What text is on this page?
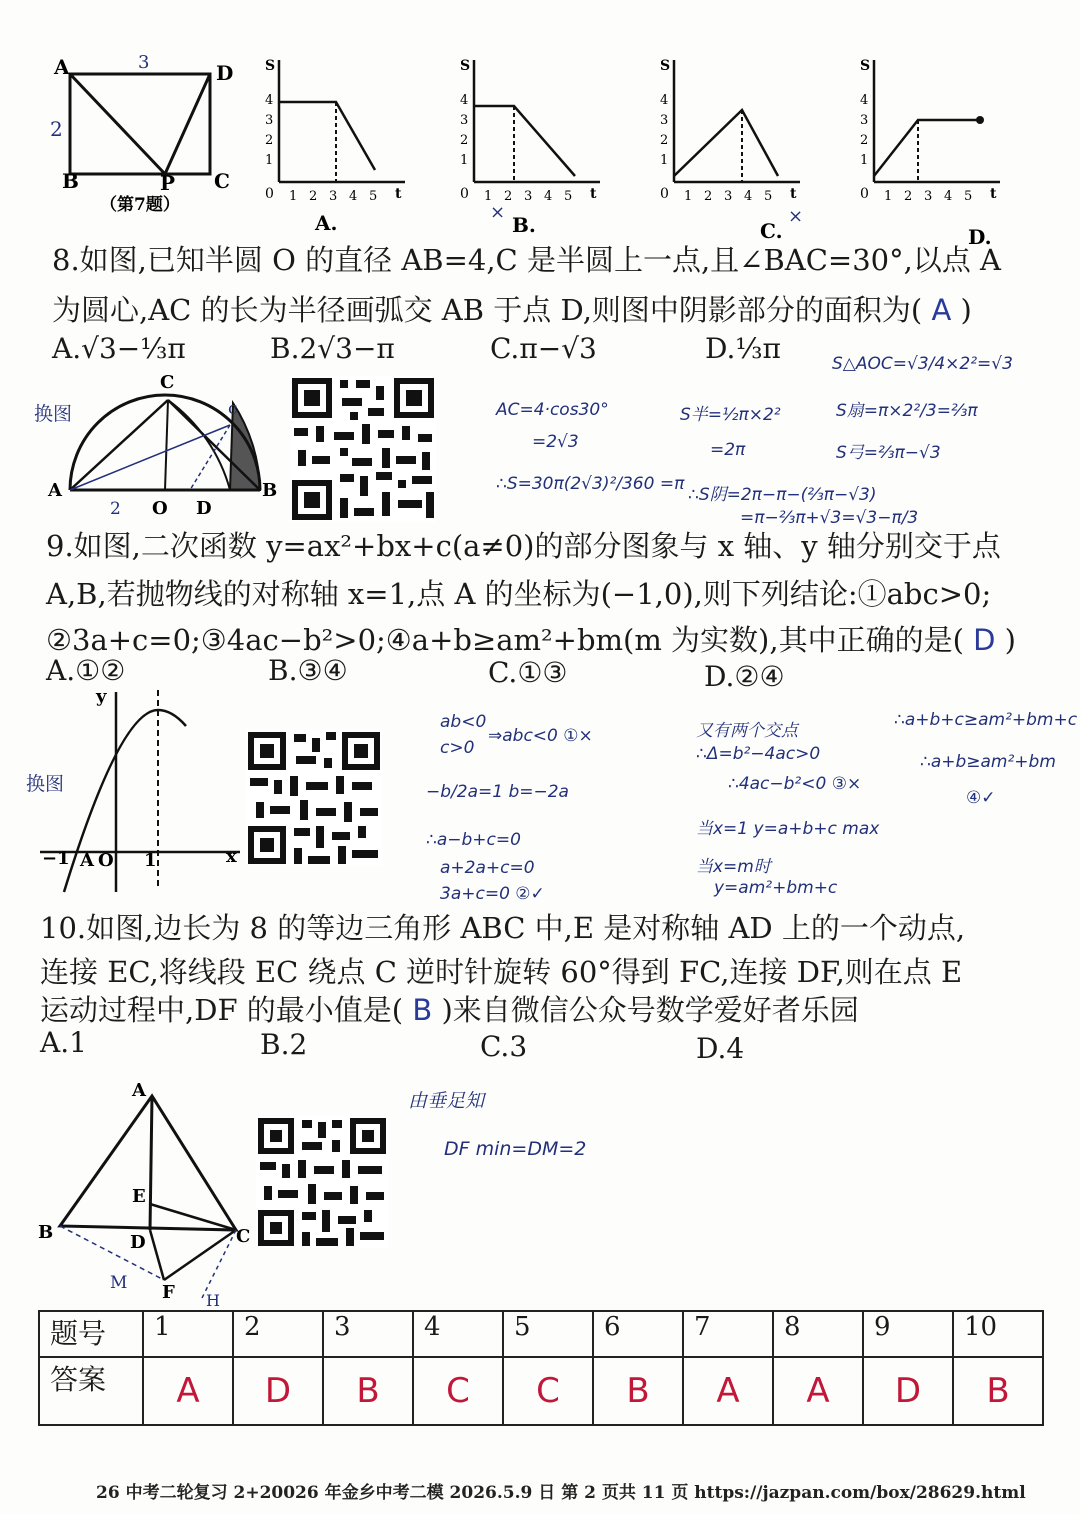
A	D
B	C
P
3
2
（第7题）
S
t
0 1 2 3 4 5
1
2
3
4
A.
S
t
0 1 2 3 4 5
1
2
3
4
×
B.
S
t
0 1 2 3 4 5
1
2
3
4
×
C.
S
t
0 1 2 3 4 5
1
2
3
4
D.
8.如图,已知半圆 O 的直径 AB=4,C 是半圆上一点,且∠BAC=30°,以点 A
为圆心,AC 的长为半径画弧交 AB 于点 D,则图中阴影部分的面积为( A )
A.√3−⅓π	B.2√3−π	C.π−√3	D.⅓π
A	B
C
O D
2
c
换图	AC=4·cos30°
=2√3
∴S=30π(2√3)²/360 =π
S半=½π×2²
=2π
S△AOC=√3/4×2²=√3
S扇=π×2²/3=⅔π
S弓=⅔π−√3
∴S阴=2π−π−(⅔π−√3)
=π−⅔π+√3=√3−π/3
9.如图,二次函数 y=ax²+bx+c(a≠0)的部分图象与 x 轴、y 轴分别交于点
A,B,若抛物线的对称轴 x=1,点 A 的坐标为(−1,0),则下列结论:①abc>0;
②3a+c=0;③4ac−b²>0;④a+b≥am²+bm(m 为实数),其中正确的是( D )
A.①②	B.③④	C.①③	D.②④
y
x
−1 A O 1
换图
ab<0
c>0
⇒abc<0 ①×
−b/2a=1 b=−2a
∴a−b+c=0
a+2a+c=0
3a+c=0 ②✓
又有两个交点
∴Δ=b²−4ac>0
∴4ac−b²<0 ③×
当x=1 y=a+b+c max
当x=m时
y=am²+bm+c
∴a+b+c≥am²+bm+c
∴a+b≥am²+bm
④✓
10.如图,边长为 8 的等边三角形 ABC 中,E 是对称轴 AD 上的一个动点,
连接 EC,将线段 EC 绕点 C 逆时针旋转 60°得到 FC,连接 DF,则在点 E
运动过程中,DF 的最小值是( B )来自微信公众号数学爱好者乐园
A.1	B.2	C.3	D.4
A
B	C
D
E
F
M
H
由垂足知
DF min=DM=2
题号	1	2	3	4	5	6	7	8	9	10
答案	A	D	B	C	C	B	A	A	D	B
26 中考二轮复习 2+20026 年金乡中考二模 2026.5.9 日 第 2 页共 11 页 https://jazpan.com/box/28629.html
